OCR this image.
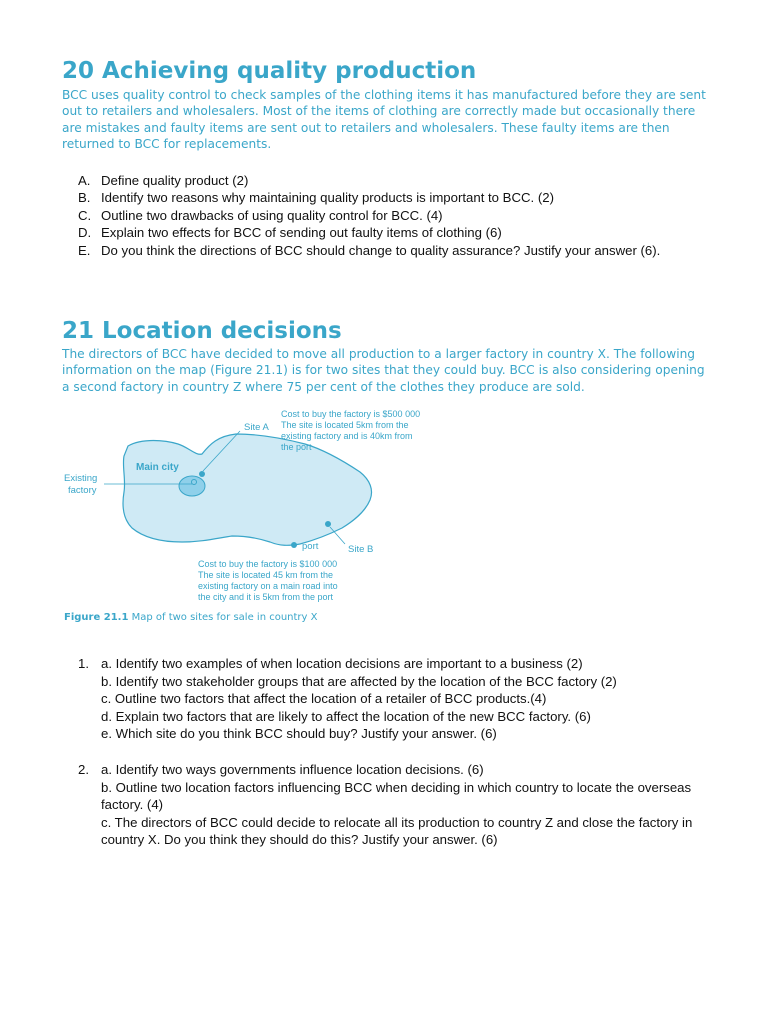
20 Achieving quality production

BCC uses quality control to check samples of the clothing items it has manufactured before they are sent out to retailers and wholesalers. Most of the items of clothing are correctly made but occasionally there are mistakes and faulty items are sent out to retailers and wholesalers. These faulty items are then returned to BCC for replacements.

A. Define quality product (2)
B. Identify two reasons why maintaining quality products is important to BCC. (2)
C. Outline two drawbacks of using quality control for BCC. (4)
D. Explain two effects for BCC of sending out faulty items of clothing (6)
E. Do you think the directions of BCC should change to quality assurance? Justify your answer (6).
21 Location decisions

The directors of BCC have decided to move all production to a larger factory in country X. The following information on the map (Figure 21.1) is for two sites that they could buy. BCC is also considering opening a second factory in country Z where 75 per cent of the clothes they produce are sold.

Main city
Existing
factory
Site A
Cost to buy the factory is $500 000
The site is located 5km from the
existing factory and is 40km from
the port
port	Site B
Cost to buy the factory is $100 000
The site is located 45 km from the
existing factory on a main road into
the city and it is 5km from the port
Figure 21.1 Map of two sites for sale in country X
1. a. Identify two examples of when location decisions are important to a business (2)
b. Identify two stakeholder groups that are affected by the location of the BCC factory (2)
c. Outline two factors that affect the location of a retailer of BCC products.(4)
d. Explain two factors that are likely to affect the location of the new BCC factory. (6)
e. Which site do you think BCC should buy? Justify your answer. (6)
2. a. Identify two ways governments influence location decisions. (6)
b. Outline two location factors influencing BCC when deciding in which country to locate the overseas factory. (4)
c. The directors of BCC could decide to relocate all its production to country Z and close the factory in country X. Do you think they should do this? Justify your answer. (6)
